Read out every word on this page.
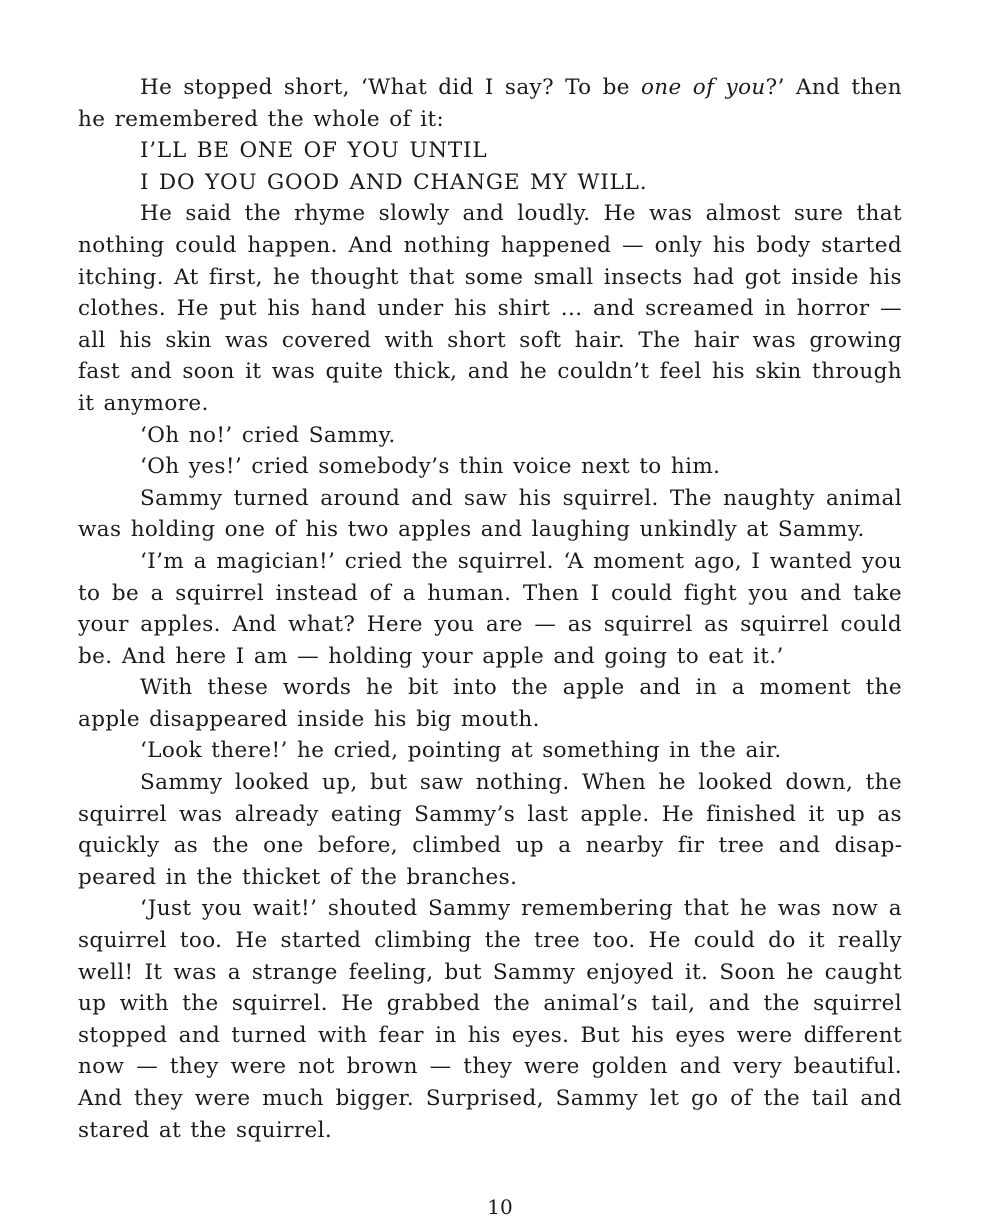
He stopped short, ‘What did I say? To be one of you?’ And then he remembered the whole of it:

I’LL BE ONE OF YOU UNTIL
I DO YOU GOOD AND CHANGE MY WILL.

He said the rhyme slowly and loudly. He was almost sure that nothing could happen. And nothing happened — only his body started itching. At first, he thought that some small insects had got inside his clothes. He put his hand under his shirt ... and screamed in horror — all his skin was covered with short soft hair. The hair was growing fast and soon it was quite thick, and he couldn’t feel his skin through it anymore.

‘Oh no!’ cried Sammy.

‘Oh yes!’ cried somebody’s thin voice next to him.

Sammy turned around and saw his squirrel. The naughty animal was holding one of his two apples and laughing unkindly at Sammy.

‘I’m a magician!’ cried the squirrel. ‘A moment ago, I wanted you to be a squirrel instead of a human. Then I could fight you and take your apples. And what? Here you are — as squirrel as squirrel could be. And here I am — holding your apple and going to eat it.’

With these words he bit into the apple and in a moment the apple disappeared inside his big mouth.

‘Look there!’ he cried, pointing at something in the air.

Sammy looked up, but saw nothing. When he looked down, the squirrel was already eating Sammy’s last apple. He finished it up as quickly as the one before, climbed up a nearby fir tree and disappeared in the thicket of the branches.

‘Just you wait!’ shouted Sammy remembering that he was now a squirrel too. He started climbing the tree too. He could do it really well! It was a strange feeling, but Sammy enjoyed it. Soon he caught up with the squirrel. He grabbed the animal’s tail, and the squirrel stopped and turned with fear in his eyes. But his eyes were different now — they were not brown — they were golden and very beautiful. And they were much bigger. Surprised, Sammy let go of the tail and stared at the squirrel.

10
